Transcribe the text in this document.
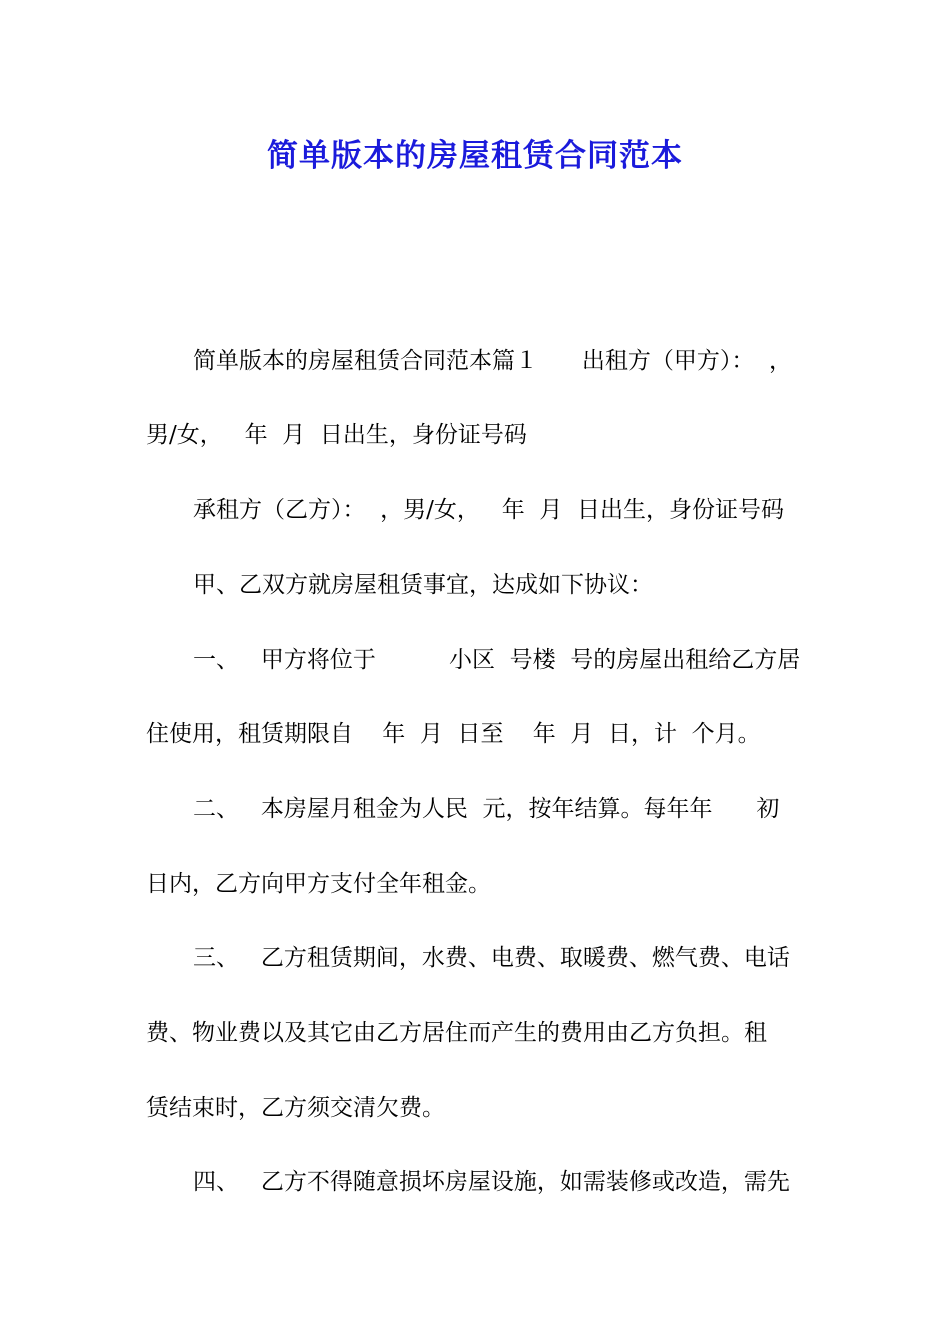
简单版本的房屋租赁合同范本
简单版本的房屋租赁合同范本篇１      出租方（甲方）：  ，
男/女，   年  月  日出生，身份证号码
承租方（乙方）：  ，男/女，   年  月  日出生，身份证号码
甲、乙双方就房屋租赁事宜，达成如下协议：
一、   甲方将位于          小区  号楼  号的房屋出租给乙方居
住使用，租赁期限自    年  月  日至    年  月  日，计  个月。
二、   本房屋月租金为人民  元，按年结算。每年年      初
日内，乙方向甲方支付全年租金。
三、   乙方租赁期间，水费、电费、取暖费、燃气费、电话
费、物业费以及其它由乙方居住而产生的费用由乙方负担。租
赁结束时，乙方须交清欠费。
四、   乙方不得随意损坏房屋设施，如需装修或改造，需先
